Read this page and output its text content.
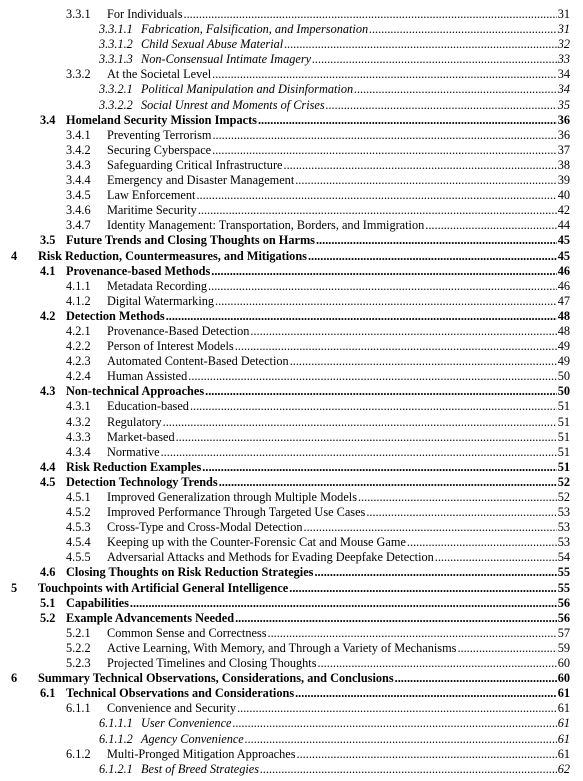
3.3.1 For Individuals .....	31
3.3.1.1 Fabrication, Falsification, and Impersonation .....	31
3.3.1.2 Child Sexual Abuse Material .....	32
3.3.1.3 Non-Consensual Intimate Imagery .....	33
3.3.2 At the Societal Level .....	34
3.3.2.1 Political Manipulation and Disinformation .....	34
3.3.2.2 Social Unrest and Moments of Crises .....	35
3.4 Homeland Security Mission Impacts .....	36
3.4.1 Preventing Terrorism .....	36
3.4.2 Securing Cyberspace .....	37
3.4.3 Safeguarding Critical Infrastructure .....	38
3.4.4 Emergency and Disaster Management .....	39
3.4.5 Law Enforcement .....	40
3.4.6 Maritime Security .....	42
3.4.7 Identity Management: Transportation, Borders, and Immigration .....	44
3.5 Future Trends and Closing Thoughts on Harms .....	45
4 Risk Reduction, Countermeasures, and Mitigations .....	45
4.1 Provenance-based Methods .....	46
4.1.1 Metadata Recording .....	46
4.1.2 Digital Watermarking .....	47
4.2 Detection Methods .....	48
4.2.1 Provenance-Based Detection .....	48
4.2.2 Person of Interest Models .....	49
4.2.3 Automated Content-Based Detection .....	49
4.2.4 Human Assisted .....	50
4.3 Non-technical Approaches .....	50
4.3.1 Education-based .....	51
4.3.2 Regulatory .....	51
4.3.3 Market-based .....	51
4.3.4 Normative .....	51
4.4 Risk Reduction Examples .....	51
4.5 Detection Technology Trends .....	52
4.5.1 Improved Generalization through Multiple Models .....	52
4.5.2 Improved Performance Through Targeted Use Cases .....	53
4.5.3 Cross-Type and Cross-Modal Detection .....	53
4.5.4 Keeping up with the Counter-Forensic Cat and Mouse Game .....	53
4.5.5 Adversarial Attacks and Methods for Evading Deepfake Detection .....	54
4.6 Closing Thoughts on Risk Reduction Strategies .....	55
5 Touchpoints with Artificial General Intelligence .....	55
5.1 Capabilities .....	56
5.2 Example Advancements Needed .....	56
5.2.1 Common Sense and Correctness .....	57
5.2.2 Active Learning, With Memory, and Through a Variety of Mechanisms .....	59
5.2.3 Projected Timelines and Closing Thoughts .....	60
6 Summary Technical Observations, Considerations, and Conclusions .....	60
6.1 Technical Observations and Considerations .....	61
6.1.1 Convenience and Security .....	61
6.1.1.1 User Convenience .....	61
6.1.1.2 Agency Convenience .....	61
6.1.2 Multi-Pronged Mitigation Approaches .....	61
6.1.2.1 Best of Breed Strategies .....	62
